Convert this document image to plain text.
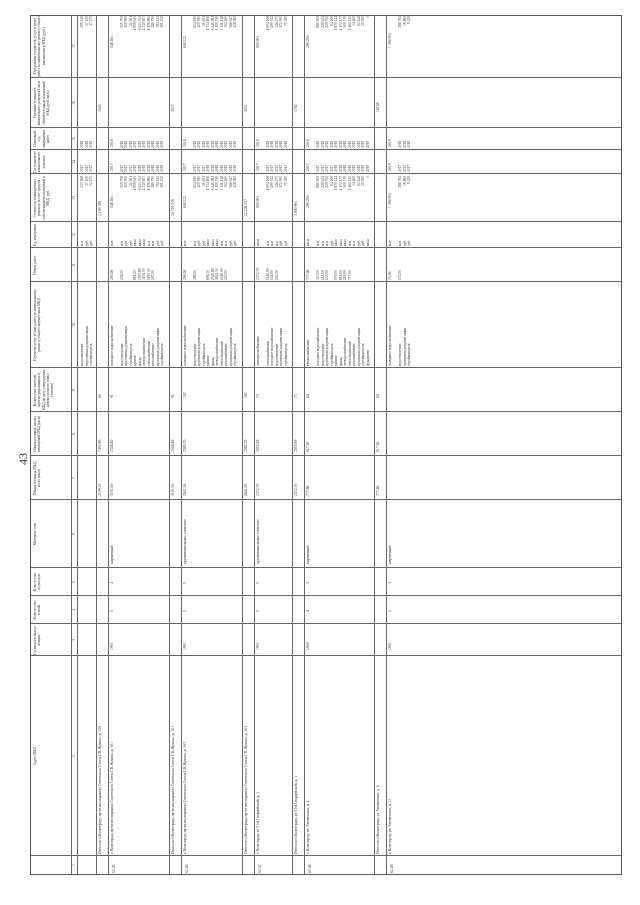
43
Адрес МКД
Год ввода в эксплу-атацию
Коли-чество этажей
Коли-чество подъездов
Материал стен
Общая площадь МКД, всего (кв.м)
Общая площадь жилых помещений МКД (кв.м)
Количество жителей, зарегистрированных в МКД на дату утверждения краткосрочного плана (человек)
Перечень услуг и (или) работ по капитальному ремонту общего имущества в МКД
Объем работ
Ед. измерения
Стоимость планируемого ремонта за счет средств собственников помещений в МКД, руб.
Год планового капитального ремонта
Плановый год завершения работ
Удельная стоимость капитального ремонта 1 кв.м общей площади помещений МКД (руб./кв.м)
Предельная стоимость услуг и (или) работ по капитальному ремонту общего имущества в МКД (руб.)
1
2
3
4
5
6
7
8
9
10
11
12
13
14
15
16
17
водоотведение переоценка документации стройконтроль
м.п руб руб
317 568 17 150 52 275
2017 2017 2017
2018 2018 2018
299 240 17 150 47 275
Итого по г.Волгограду, пр-кт им маршала Советского Союза Г.К.Жукова, д. 159
2109,10
1361,90
86
2 109 180
1645
62.45
г. Волгоград, пр-кт им маршала Советского Союза Г.К.Жукова, д. 161
1961
5
4
кирпичный
3191,50
2348,40
91
холодное водоснабжение
293,00
м.п
548 481
2017
2018
548 481
водоотведение переоценка документации стройконтроль кровля фасад электроснабжение теплоснабжение газоснабжение проектная документация стройконтроль
238,00	681,20 2557,80 3191,50 1195,00 207,00
м.п руб руб кв.м кв.м кв.м м.п м.п руб руб
509 758 100 900 22 561 1 899 023 6 633 352 1 240 803 1 179 890 280 750 792 522 291 230
2017 2017 2017 2019 2019 2019 2019 2019 2019 2019
2018 2018 2018 2019 2019 2019 2019 2019 2019 2019
505 750 100 900 22 561 1 899 023 6 633 352 1 240 803 1 179 890 280 750 784 522 291 230
Итого по г.Волгограду, пр-кт им маршала Советского Союза Г.К.Жукова, д. 161
3191,50
2348,40
91
20 710 216
3527
62.46
г. Волгоград, пр-кт им маршала Советского Союза Г.К.Жукова, д. 163
1961
5
5
крупнопанельные слоистые
2841,30
2385,70
102
холодное водоснабжение
296,00
м.п
600 225
2017
2018
600 225
водоотведение проектная документация стройконтроль кровля фасад электроснабжение теплоснабжение газоснабжение проектная документация стройконтроль
298,00	698,30 2365,80 2841,30 1040,00 245,00
м.п руб руб кв.м кв.м кв.м м.п м.п руб руб
654 590 105 590 26 651 1 734 106 6 245 984 1 150 710 1 141 448 362 260 588 647 418 082
2017 2017 2017 2019 2019 2019 2019 2019 2019 2019
2018 2018 2018 2019 2019 2019 2019 2019 2019 2019
654 590 105 590 26 651 1 734 106 6 245 984 1 150 710 1 141 448 362 260 588 647 418 082
Итого по г.Волгограду, пр-кт им маршала Советского Союза Г.К.Жукова, д. 163
2841,30
2385,70
102
22 108 337
3551
62.47
г. Волгоград, ул 51-й Гвардейской, д. 1
1961
5
5
крупнопанельные слоистые
2372,70
2055,99
73
электроснабжение
2372,70
кв.м
903 091
2017
2018
903 091
теплоснабжение холодное водоснабжение водоотведение проектная документация стройконтроль
1140,00 144,00 183,00
м.п м.п м.п руб руб
1 904 108 290 042 346 275 172 000 75 385
2017 2017 2017 2017 2017
2018 2018 2018 2018 2018
1 904 108 290 042 346 275 172 000 75 385
Итого по г.Волгограду, ул 51-й Гвардейской, д. 1
2372,70
2055,99
73
3 690 901
1782
62.48
г. Волгоград, ул. Апатитская, д. 4
1960
4
3
кирпичный
777,80
617,50
84
теплоснабжение
777,00
кв.м
298 259
2017
2018
298 259
холодное водоснабжение водоотведение проектная документация стройконтроль кровля фасад электроснабжение теплоснабжение газоснабжение проектная документация стройконтроль фундамент
327,00 111,00 135,00 570,00 811,00 218,00 777,00
м.п м.п м.п руб кв.м кв.м кв.м м.п м.п руб руб кв.м
880 269 229 941 229 750 94 200 1 670 441 2 172 477 300 735 1 462 212 34 465 63 442 25 000 0
2017 2017 2017 2017 2019 2019 2019 2019 2019 2019 2019 2019
2018 2018 2018 2018 2019 2019 2019 2019 2019 2019 2019 2019
880 269 229 941 229 750 94 200 1 670 441 2 172 477 300 735 1 462 212 34 465 63 442 25 000 0
Итого по г.Волгограду, ул Апатитская, д. 4
777,80
617,50
84
18158
62.49
г. Волгоград, ул. Апатитская, д. 21
1961
2
3
кирпичный
холодное водоснабжение
75,06
м.п
1 358 952
2019
2019
1 358 952
водоотведение проектная документация стройконтроль
172,00
м.п руб руб
288 794 39 800 9 325
2017 2017 2017
2018 2018 2018
288 794 39 800 9 325
